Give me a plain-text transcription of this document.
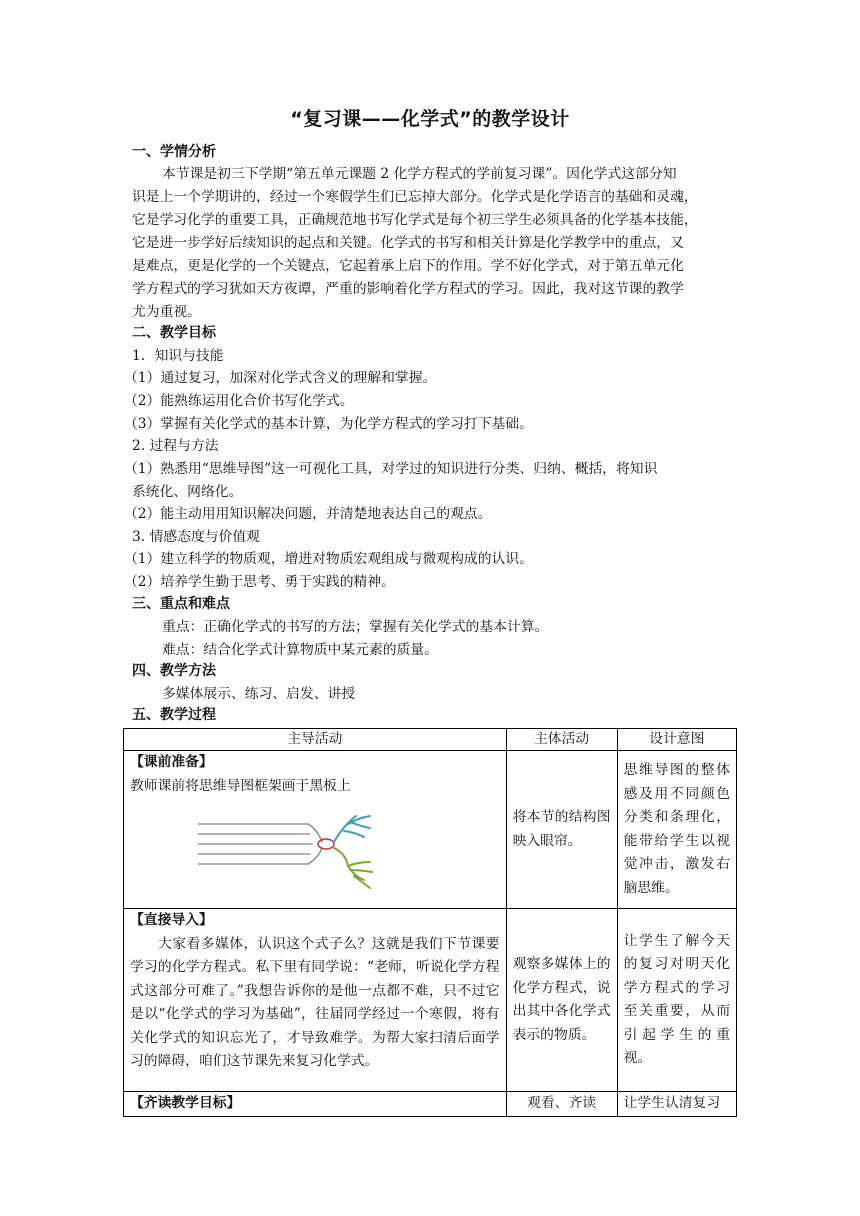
“复习课——化学式”的教学设计
一、学情分析
本节课是初三下学期“第五单元课题 2 化学方程式的学前复习课”。因化学式这部分知
识是上一个学期讲的，经过一个寒假学生们已忘掉大部分。化学式是化学语言的基础和灵魂，
它是学习化学的重要工具，正确规范地书写化学式是每个初三学生必须具备的化学基本技能，
它是进一步学好后续知识的起点和关键。化学式的书写和相关计算是化学教学中的重点，又
是难点，更是化学的一个关键点，它起着承上启下的作用。学不好化学式，对于第五单元化
学方程式的学习犹如天方夜谭，严重的影响着化学方程式的学习。因此，我对这节课的教学
尤为重视。
二、教学目标
1．知识与技能
（1）通过复习，加深对化学式含义的理解和掌握。
（2）能熟练运用化合价书写化学式。
（3）掌握有关化学式的基本计算，为化学方程式的学习打下基础。
2. 过程与方法
（1）熟悉用“思维导图”这一可视化工具，对学过的知识进行分类、归纳、概括，将知识
系统化、网络化。
（2）能主动用用知识解决问题，并清楚地表达自己的观点。
3. 情感态度与价值观
（1）建立科学的物质观，增进对物质宏观组成与微观构成的认识。
（2）培养学生勤于思考、勇于实践的精神。
三、重点和难点
重点：正确化学式的书写的方法；掌握有关化学式的基本计算。
难点：结合化学式计算物质中某元素的质量。
四、教学方法
多媒体展示、练习、启发、讲授
五、教学过程
主导活动	主体活动	设计意图

【课前准备】
教师课前将思维导图框架画于黑板上	将本节的结构图映入眼帘。	思维导图的整体感及用不同颜色分类和条理化，能带给学生以视觉冲击，激发右脑思维。

【直接导入】
大家看多媒体，认识这个式子么？这就是我们下节课要学习的化学方程式。私下里有同学说：“老师，听说化学方程式这部分可难了。”我想告诉你的是他一点都不难，只不过它是以“化学式的学习为基础”，往届同学经过一个寒假，将有关化学式的知识忘光了，才导致难学。为帮大家扫清后面学习的障碍，咱们这节课先来复习化学式。	观察多媒体上的化学方程式，说出其中各化学式表示的物质。	让学生了解今天的复习对明天化学方程式的学习至关重要，从而引起学生的重视。

【齐读教学目标】	观看、齐读	让学生认清复习
